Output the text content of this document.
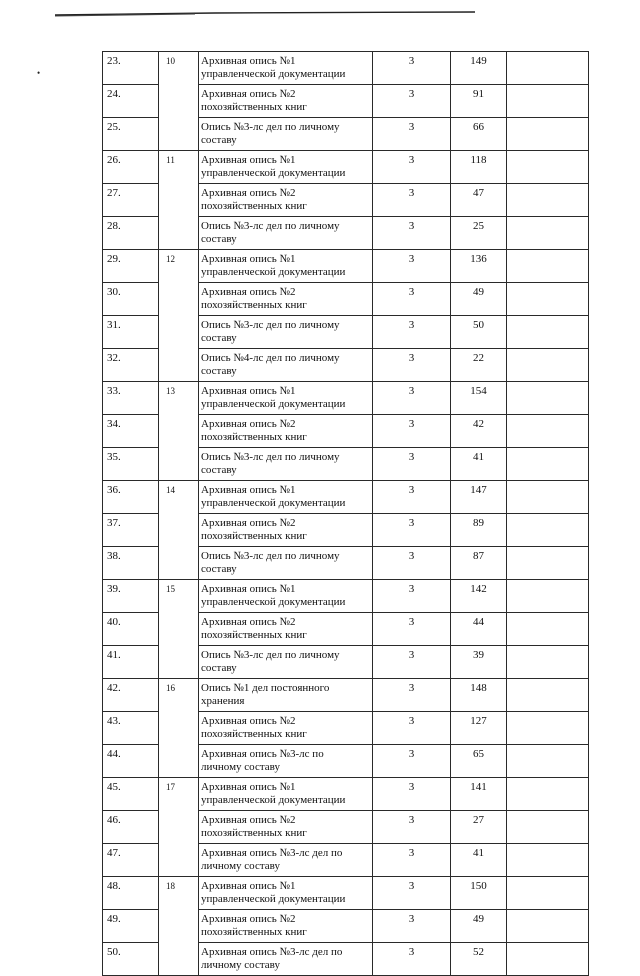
•
23.	10	Архивная опись №1
управленческой документации	3	149	
24.		Архивная опись №2
похозяйственных книг	3	91	
25.		Опись №3-лс дел по личному
составу	3	66	
26.	11	Архивная опись №1
управленческой документации	3	118	
27.		Архивная опись №2
похозяйственных книг	3	47	
28.		Опись №3-лс дел по личному
составу	3	25	
29.	12	Архивная опись №1
управленческой документации	3	136	
30.		Архивная опись №2
похозяйственных книг	3	49	
31.		Опись №3-лс дел по личному
составу	3	50	
32.		Опись №4-лс дел по личному
составу	3	22	
33.	13	Архивная опись №1
управленческой документации	3	154	
34.		Архивная опись №2
похозяйственных книг	3	42	
35.		Опись №3-лс дел по личному
составу	3	41	
36.	14	Архивная опись №1
управленческой документации	3	147	
37.		Архивная опись №2
похозяйственных книг	3	89	
38.		Опись №3-лс дел по личному
составу	3	87	
39.	15	Архивная опись №1
управленческой документации	3	142	
40.		Архивная опись №2
похозяйственных книг	3	44	
41.		Опись №3-лс дел по личному
составу	3	39	
42.	16	Опись №1 дел постоянного
хранения	3	148	
43.		Архивная опись №2
похозяйственных книг	3	127	
44.		Архивная опись №3-лс по
личному составу	3	65	
45.	17	Архивная опись №1
управленческой документации	3	141	
46.		Архивная опись №2
похозяйственных книг	3	27	
47.		Архивная опись №3-лс дел по
личному составу	3	41	
48.	18	Архивная опись №1
управленческой документации	3	150	
49.		Архивная опись №2
похозяйственных книг	3	49	
50.		Архивная опись №3-лс дел по
личному составу	3	52	
